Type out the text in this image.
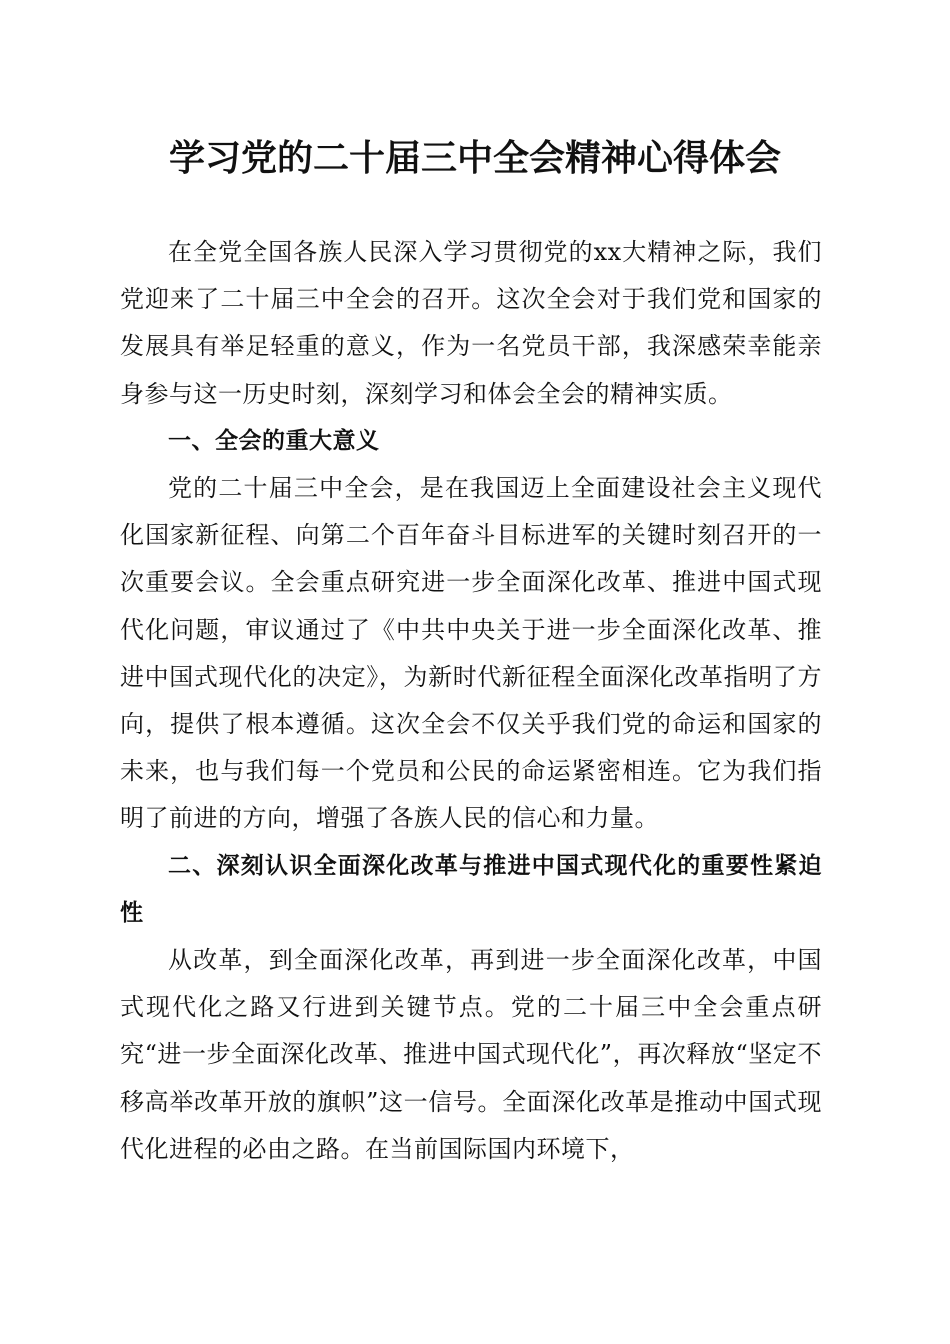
学习党的二十届三中全会精神心得体会

在全党全国各族人民深入学习贯彻党的xx大精神之际，我们党迎来了二十届三中全会的召开。这次全会对于我们党和国家的发展具有举足轻重的意义，作为一名党员干部，我深感荣幸能亲身参与这一历史时刻，深刻学习和体会全会的精神实质。

一、全会的重大意义

党的二十届三中全会，是在我国迈上全面建设社会主义现代化国家新征程、向第二个百年奋斗目标进军的关键时刻召开的一次重要会议。全会重点研究进一步全面深化改革、推进中国式现代化问题，审议通过了《中共中央关于进一步全面深化改革、推进中国式现代化的决定》，为新时代新征程全面深化改革指明了方向，提供了根本遵循。这次全会不仅关乎我们党的命运和国家的未来，也与我们每一个党员和公民的命运紧密相连。它为我们指明了前进的方向，增强了各族人民的信心和力量。

二、深刻认识全面深化改革与推进中国式现代化的重要性紧迫性

从改革，到全面深化改革，再到进一步全面深化改革，中国式现代化之路又行进到关键节点。党的二十届三中全会重点研究“进一步全面深化改革、推进中国式现代化”，再次释放“坚定不移高举改革开放的旗帜”这一信号。全面深化改革是推动中国式现代化进程的必由之路。在当前国际国内环境下，
